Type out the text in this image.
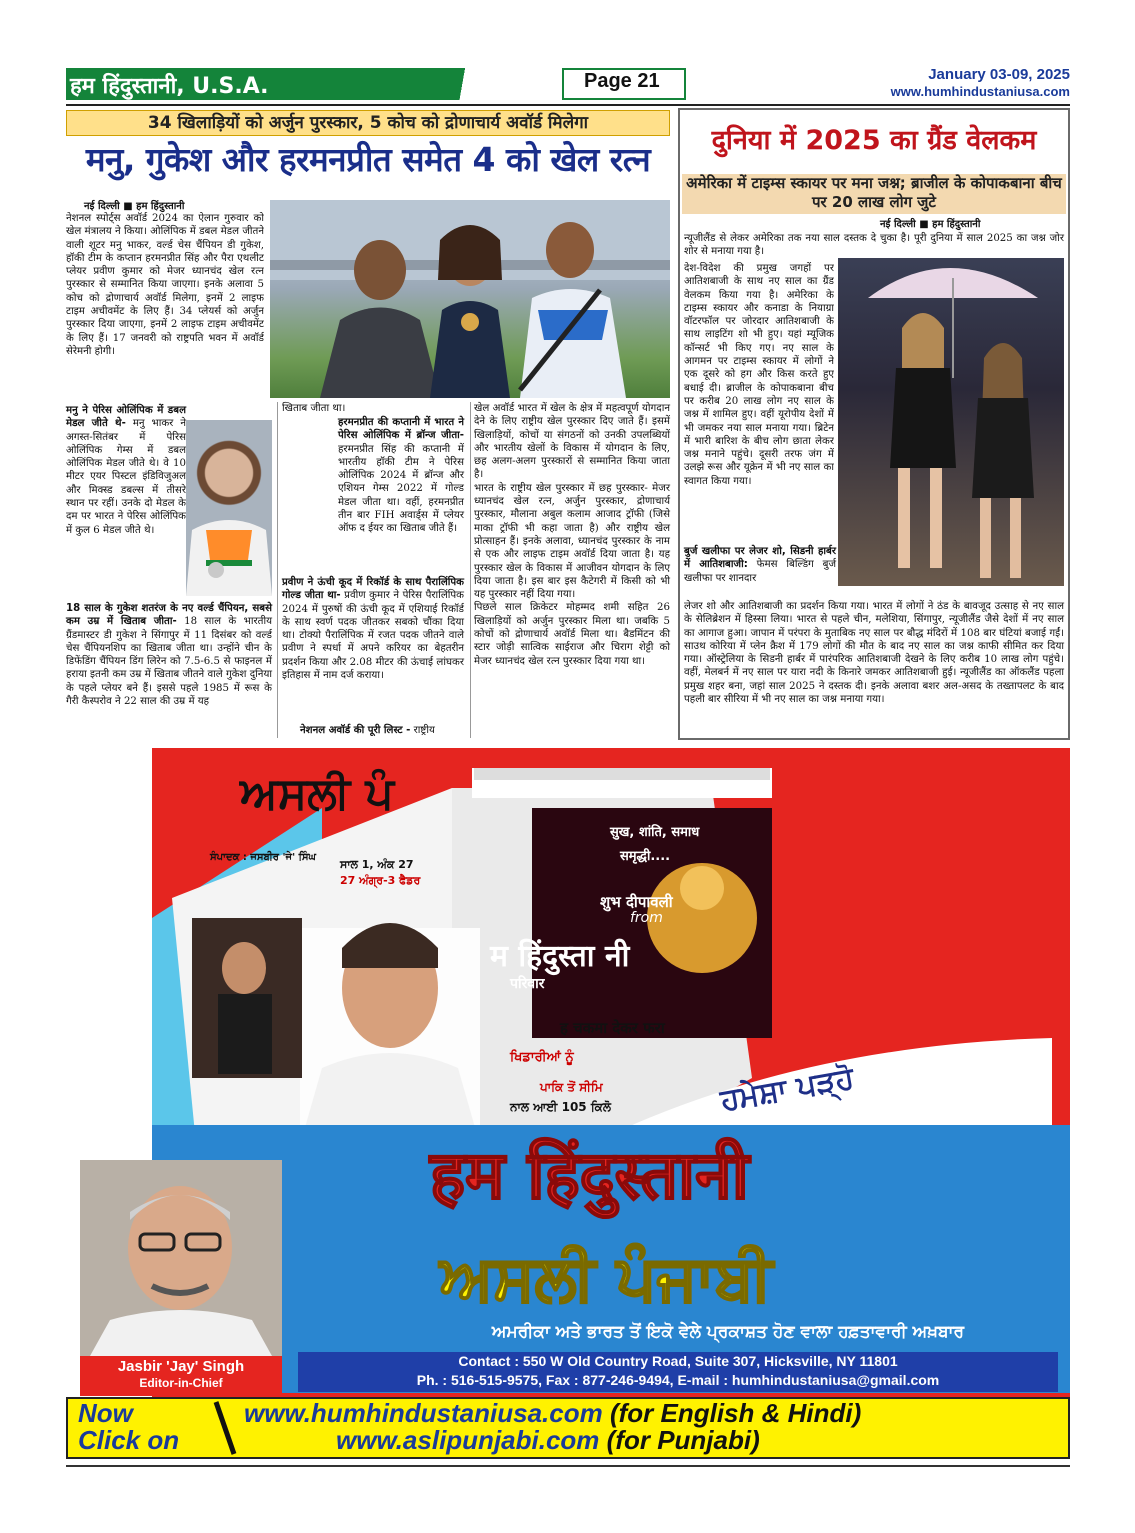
हम हिंदुस्तानी, U.S.A.	Page 21	January 03-09, 2025
www.humhindustaniusa.com
34 खिलाड़ियों को अर्जुन पुरस्कार, 5 कोच को द्रोणाचार्य अवॉर्ड मिलेगा
मनु, गुकेश और हरमनप्रीत समेत 4 को खेल रत्न
नई दिल्ली ■ हम हिंदुस्तानी
नेशनल स्पोर्ट्स अवॉर्ड 2024 का ऐलान गुरुवार को खेल मंत्रालय ने किया। ओलिंपिक में डबल मेडल जीतने वाली शूटर मनु भाकर, वर्ल्ड चेस चैंपियन डी गुकेश, हॉकी टीम के कप्तान हरमनप्रीत सिंह और पैरा एथलीट प्लेयर प्रवीण कुमार को मेजर ध्यानचंद खेल रत्न पुरस्कार से सम्मानित किया जाएगा। इनके अलावा 5 कोच को द्रोणाचार्य अवॉर्ड मिलेगा, इनमें 2 लाइफ टाइम अचीवमेंट के लिए हैं। 34 प्लेयर्स को अर्जुन पुरस्कार दिया जाएगा, इनमें 2 लाइफ टाइम अचीवमेंट के लिए हैं। 17 जनवरी को राष्ट्रपति भवन में अवॉर्ड सेरेमनी होगी।
मनु ने पेरिस ओलिंपिक में डबल मेडल जीते थे- मनु भाकर ने अगस्त-सितंबर में पेरिस ओलिंपिक गेम्स में डबल ओलिंपिक मेडल जीते थे। वे 10 मीटर एयर पिस्टल इंडिविजुअल और मिक्स्ड डबल्स में तीसरे स्थान पर रहीं। उनके दो मेडल के दम पर भारत ने पेरिस ओलिंपिक में कुल 6 मेडल जीते थे।
18 साल के गुकेश शतरंज के नए वर्ल्ड चैंपियन, सबसे कम उम्र में खिताब जीता- 18 साल के भारतीय ग्रैंडमास्टर डी गुकेश ने सिंगापुर में 11 दिसंबर को वर्ल्ड चेस चैंपियनशिप का खिताब जीता था। उन्होंने चीन के डिफेंडिंग चैंपियन डिंग लिरेन को 7.5-6.5 से फाइनल में हराया इतनी कम उम्र में खिताब जीतने वाले गुकेश दुनिया के पहले प्लेयर बने हैं। इससे पहले 1985 में रूस के गैरी कैस्परोव ने 22 साल की उम्र में यह
खिताब जीता था।
हरमनप्रीत की कप्तानी में भारत ने पेरिस ओलिंपिक में ब्रॉन्ज जीता- हरमनप्रीत सिंह की कप्तानी में भारतीय हॉकी टीम ने पेरिस ओलिंपिक 2024 में ब्रॉन्ज और एशियन गेम्स 2022 में गोल्ड मेडल जीता था। वहीं, हरमनप्रीत तीन बार FIH अवार्ड्स में प्लेयर ऑफ द ईयर का खिताब जीते हैं।
प्रवीण ने ऊंची कूद में रिकॉर्ड के साथ पैरालिंपिक गोल्ड जीता था- प्रवीण कुमार ने पेरिस पैरालिंपिक 2024 में पुरुषों की ऊंची कूद में एशियाई रिकॉर्ड के साथ स्वर्ण पदक जीतकर सबको चौंका दिया था। टोक्यो पैरालिंपिक में रजत पदक जीतने वाले प्रवीण ने स्पर्धा में अपने करियर का बेहतरीन प्रदर्शन किया और 2.08 मीटर की ऊंचाई लांघकर इतिहास में नाम दर्ज कराया।
नेशनल अवॉर्ड की पूरी लिस्ट - राष्ट्रीय
खेल अवॉर्ड भारत में खेल के क्षेत्र में महत्वपूर्ण योगदान देने के लिए राष्ट्रीय खेल पुरस्कार दिए जाते हैं। इसमें खिलाड़ियों, कोचों या संगठनों को उनकी उपलब्धियों और भारतीय खेलों के विकास में योगदान के लिए, छह अलग-अलग पुरस्कारों से सम्मानित किया जाता है।
भारत के राष्ट्रीय खेल पुरस्कार में छह पुरस्कार- मेजर ध्यानचंद खेल रत्न, अर्जुन पुरस्कार, द्रोणाचार्य पुरस्कार, मौलाना अबुल कलाम आजाद ट्रॉफी (जिसे माका ट्रॉफी भी कहा जाता है) और राष्ट्रीय खेल प्रोत्साहन हैं। इनके अलावा, ध्यानचंद पुरस्कार के नाम से एक और लाइफ टाइम अवॉर्ड दिया जाता है। यह पुरस्कार खेल के विकास में आजीवन योगदान के लिए दिया जाता है। इस बार इस कैटेगरी में किसी को भी यह पुरस्कार नहीं दिया गया।
पिछले साल क्रिकेटर मोहम्मद शमी सहित 26 खिलाड़ियों को अर्जुन पुरस्कार मिला था। जबकि 5 कोचों को द्रोणाचार्य अवॉर्ड मिला था। बैडमिंटन की स्टार जोड़ी सात्विक साईराज और चिराग शेट्टी को मेजर ध्यानचंद खेल रत्न पुरस्कार दिया गया था।
दुनिया में 2025 का ग्रैंड वेलकम
अमेरिका में टाइम्स स्कायर पर मना जश्न; ब्राजील के कोपाकबाना बीच पर 20 लाख लोग जुटे
नई दिल्ली ■ हम हिंदुस्तानी
न्यूजीलैंड से लेकर अमेरिका तक नया साल दस्तक दे चुका है। पूरी दुनिया में साल 2025 का जश्न जोर शोर से मनाया गया है।
देश-विदेश की प्रमुख जगहों पर आतिशबाजी के साथ नए साल का ग्रैंड वेलकम किया गया है। अमेरिका के टाइम्स स्कायर और कनाडा के नियाग्रा वॉटरफॉल पर जोरदार आतिशबाजी के साथ लाइटिंग शो भी हुए। यहां म्यूजिक कॉन्सर्ट भी किए गए। नए साल के आगमन पर टाइम्स स्कायर में लोगों ने एक दूसरे को हग और किस करते हुए बधाई दी। ब्राजील के कोपाकबाना बीच पर करीब 20 लाख लोग नए साल के जश्न में शामिल हुए। वहीं यूरोपीय देशों में भी जमकर नया साल मनाया गया। ब्रिटेन में भारी बारिश के बीच लोग छाता लेकर जश्न मनाने पहुंचे। दूसरी तरफ जंग में उलझे रूस और यूक्रेन में भी नए साल का स्वागत किया गया।
बुर्ज खलीफा पर लेजर शो, सिडनी हार्बर में आतिशबाजी: फेमस बिल्डिंग बुर्ज खलीफा पर शानदार
लेजर शो और आतिशबाजी का प्रदर्शन किया गया। भारत में लोगों ने ठंड के बावजूद उत्साह से नए साल के सेलिब्रेशन में हिस्सा लिया। भारत से पहले चीन, मलेशिया, सिंगापुर, न्यूजीलैंड जैसे देशों में नए साल का आगाज हुआ। जापान में परंपरा के मुताबिक नए साल पर बौद्ध मंदिरों में 108 बार घंटियां बजाई गईं। साउथ कोरिया में प्लेन क्रैश में 179 लोगों की मौत के बाद नए साल का जश्न काफी सीमित कर दिया गया। ऑस्ट्रेलिया के सिडनी हार्बर में पारंपरिक आतिशबाजी देखने के लिए करीब 10 लाख लोग पहुंचे। वहीं, मेलबर्न में नए साल पर यारा नदी के किनारे जमकर आतिशबाजी हुई। न्यूजीलैंड का ऑकलैंड पहला प्रमुख शहर बना, जहां साल 2025 ने दस्तक दी। इनके अलावा बशर अल-असद के तख्तापलट के बाद पहली बार सीरिया में भी नए साल का जश्न मनाया गया।
ਅਸਲੀ ਪੰ
ਸਾਲ 1, ਅੰਕ 27
27 ਅੰਗ੍ਰ-3 ਫੈਡਰ
ਸੰਪਾਦਕ : ਜਸਬੀਰ 'ਜੇ' ਸਿੰਘ
सुख, शांति, समाध
समृद्धी....
शुभ दीपावली
from
म हिंदुस्ता नी
परिवार
ह चकमा देकर फरा
ਖਿਡਾਰੀਆਂ ਨੂੰ
ਪਾਕਿ ਤੋਂ ਸੀਮਿ
ਨਾਲ ਆਈ 105 ਕਿਲੋ	ਹਮੇਸ਼ਾ ਪੜ੍ਹੋ
हम हिंदुस्तानी
ਅਸਲੀ ਪੰਜਾਬੀ
ਅਮਰੀਕਾ ਅਤੇ ਭਾਰਤ ਤੋਂ ਇਕੋ ਵੇਲੇ ਪ੍ਰਕਾਸ਼ਤ ਹੋਣ ਵਾਲਾ ਹਫ਼ਤਾਵਾਰੀ ਅਖ਼ਬਾਰ
Contact : 550 W Old Country Road, Suite 307, Hicksville, NY 11801
Ph. : 516-515-9575, Fax : 877-246-9494, E-mail : humhindustaniusa@gmail.com
Jasbir 'Jay' Singh
Editor-in-Chief
Now
Click on
www.humhindustaniusa.com (for English & Hindi)
www.aslipunjabi.com (for Punjabi)
